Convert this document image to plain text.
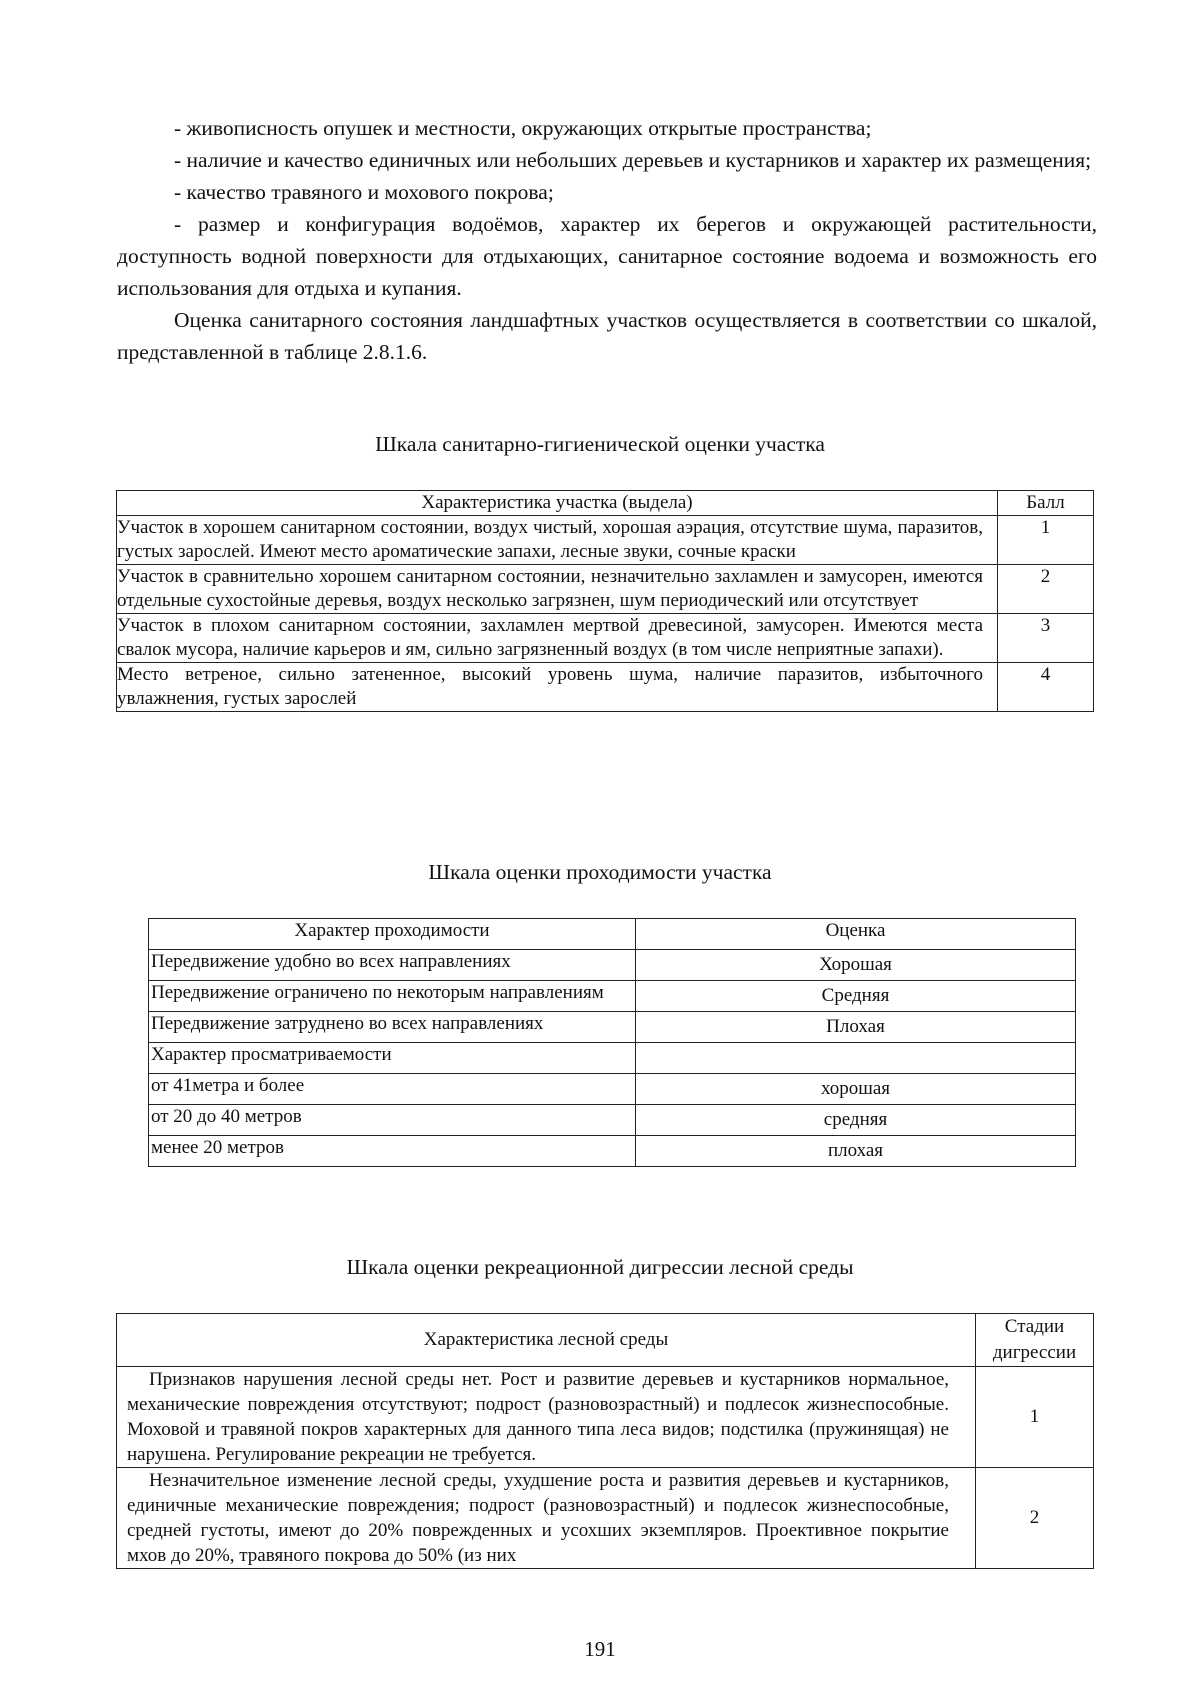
- живописность опушек и местности, окружающих открытые пространства;

- наличие и качество единичных или небольших деревьев и кустарников и характер их размещения;

- качество травяного и мохового покрова;

- размер и конфигурация водоёмов, характер их берегов и окружающей растительности, доступность водной поверхности для отдыхающих, санитарное состояние водоема и возможность его использования для отдыха и купания.

Оценка санитарного состояния ландшафтных участков осуществляется в соответствии со шкалой, представленной в таблице 2.8.1.6.

Шкала санитарно-гигиенической оценки участка
Характеристика участка (выдела)	Балл
Участок в хорошем санитарном состоянии, воздух чистый, хорошая аэрация, отсутствие шума, паразитов, густых зарослей. Имеют место ароматические запахи, лесные звуки, сочные краски	1
Участок в сравнительно хорошем санитарном состоянии, незначительно захламлен и замусорен, имеются отдельные сухостойные деревья, воздух несколько загрязнен, шум периодический или отсутствует	2
Участок в плохом санитарном состоянии, захламлен мертвой древесиной, замусорен. Имеются места свалок мусора, наличие карьеров и ям, сильно загрязненный воздух (в том числе неприятные запахи).	3
Место ветреное, сильно затененное, высокий уровень шума, наличие паразитов, избыточного увлажнения, густых зарослей	4
Шкала оценки проходимости участка
Характер проходимости	Оценка
Передвижение удобно во всех направлениях	Хорошая
Передвижение ограничено по некоторым направлениям	Средняя
Передвижение затруднено во всех направлениях	Плохая
Характер просматриваемости	
от 41метра и более	хорошая
от 20 до 40 метров	средняя
менее 20 метров	плохая
Шкала оценки рекреационной дигрессии лесной среды
Характеристика лесной среды	Стадии дигрессии
Признаков нарушения лесной среды нет. Рост и развитие деревьев и кустарников нормальное, механические повреждения отсутствуют; подрост (разновозрастный) и подлесок жизнеспособные. Моховой и травяной покров характерных для данного типа леса видов; подстилка (пружинящая) не нарушена. Регулирование рекреации не требуется.	1
Незначительное изменение лесной среды, ухудшение роста и развития деревьев и кустарников, единичные механические повреждения; подрост (разновозрастный) и подлесок жизнеспособные, средней густоты, имеют до 20% поврежденных и усохших экземпляров. Проективное покрытие мхов до 20%, травяного покрова до 50% (из них	2
191
